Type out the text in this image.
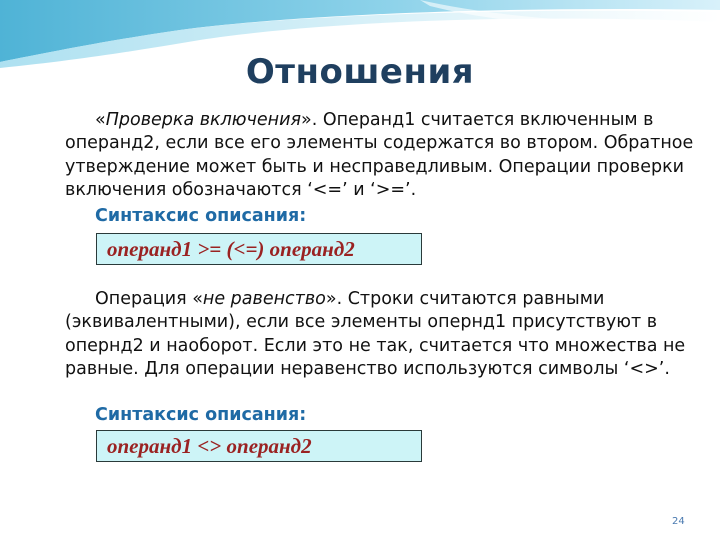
Отношения

«Проверка включения». Операнд1 считается включенным в операнд2, если все его элементы содержатся во втором. Обратное утверждение может быть и несправедливым. Операции проверки включения обозначаются ‘<=’ и ‘>=’.

Синтаксис описания:
операнд1 >= (<=) операнд2

Операция «не равенство». Строки считаются равными (эквивалентными), если все элементы опернд1 присутствуют в опернд2 и наоборот. Если это не так, считается что множества не равные. Для операции неравенство используются символы ‘<>’.

Синтаксис описания:
операнд1 <> операнд2
24
